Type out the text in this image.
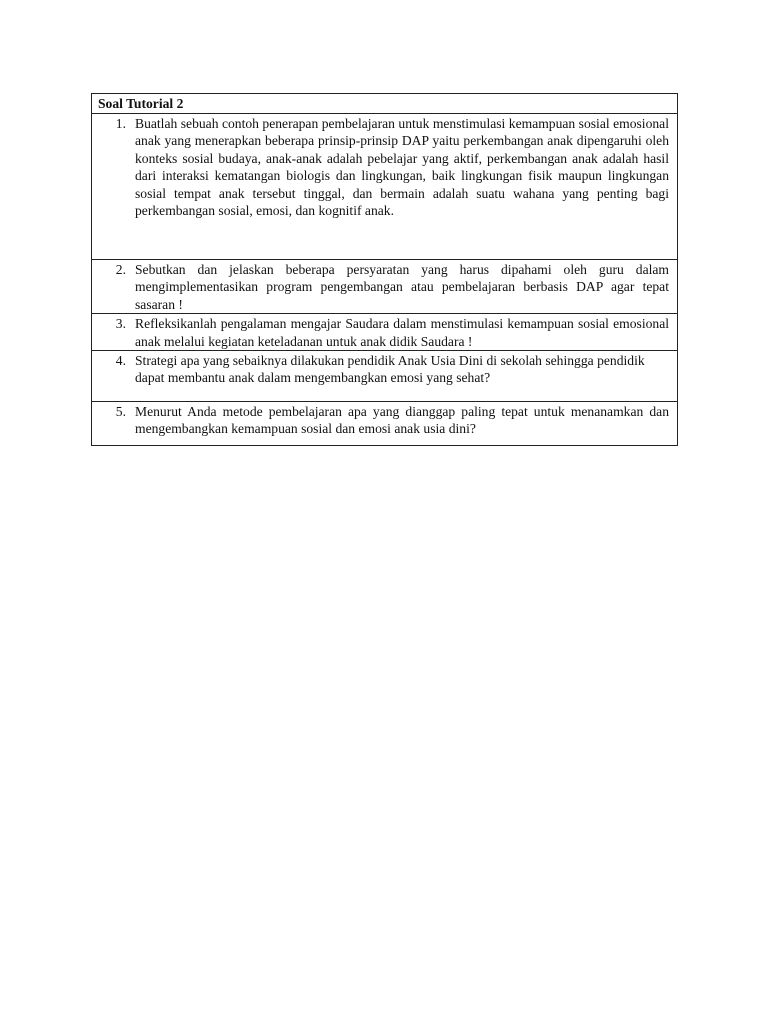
Soal Tutorial 2

1. Buatlah sebuah contoh penerapan pembelajaran untuk menstimulasi kemampuan sosial emosional anak yang menerapkan beberapa prinsip-prinsip DAP yaitu perkembangan anak dipengaruhi oleh konteks sosial budaya, anak-anak adalah pebelajar yang aktif, perkembangan anak adalah hasil dari interaksi kematangan biologis dan lingkungan, baik lingkungan fisik maupun lingkungan sosial tempat anak tersebut tinggal, dan bermain adalah suatu wahana yang penting bagi perkembangan sosial, emosi, dan kognitif anak.

2. Sebutkan dan jelaskan beberapa persyaratan yang harus dipahami oleh guru dalam mengimplementasikan program pengembangan atau pembelajaran berbasis DAP agar tepat sasaran !

3. Refleksikanlah pengalaman mengajar Saudara dalam menstimulasi kemampuan sosial emosional anak melalui kegiatan keteladanan untuk anak didik Saudara !

4. Strategi apa yang sebaiknya dilakukan pendidik Anak Usia Dini di sekolah sehingga pendidik dapat membantu anak dalam mengembangkan emosi yang sehat?

5. Menurut Anda metode pembelajaran apa yang dianggap paling tepat untuk menanamkan dan mengembangkan kemampuan sosial dan emosi anak usia dini?
